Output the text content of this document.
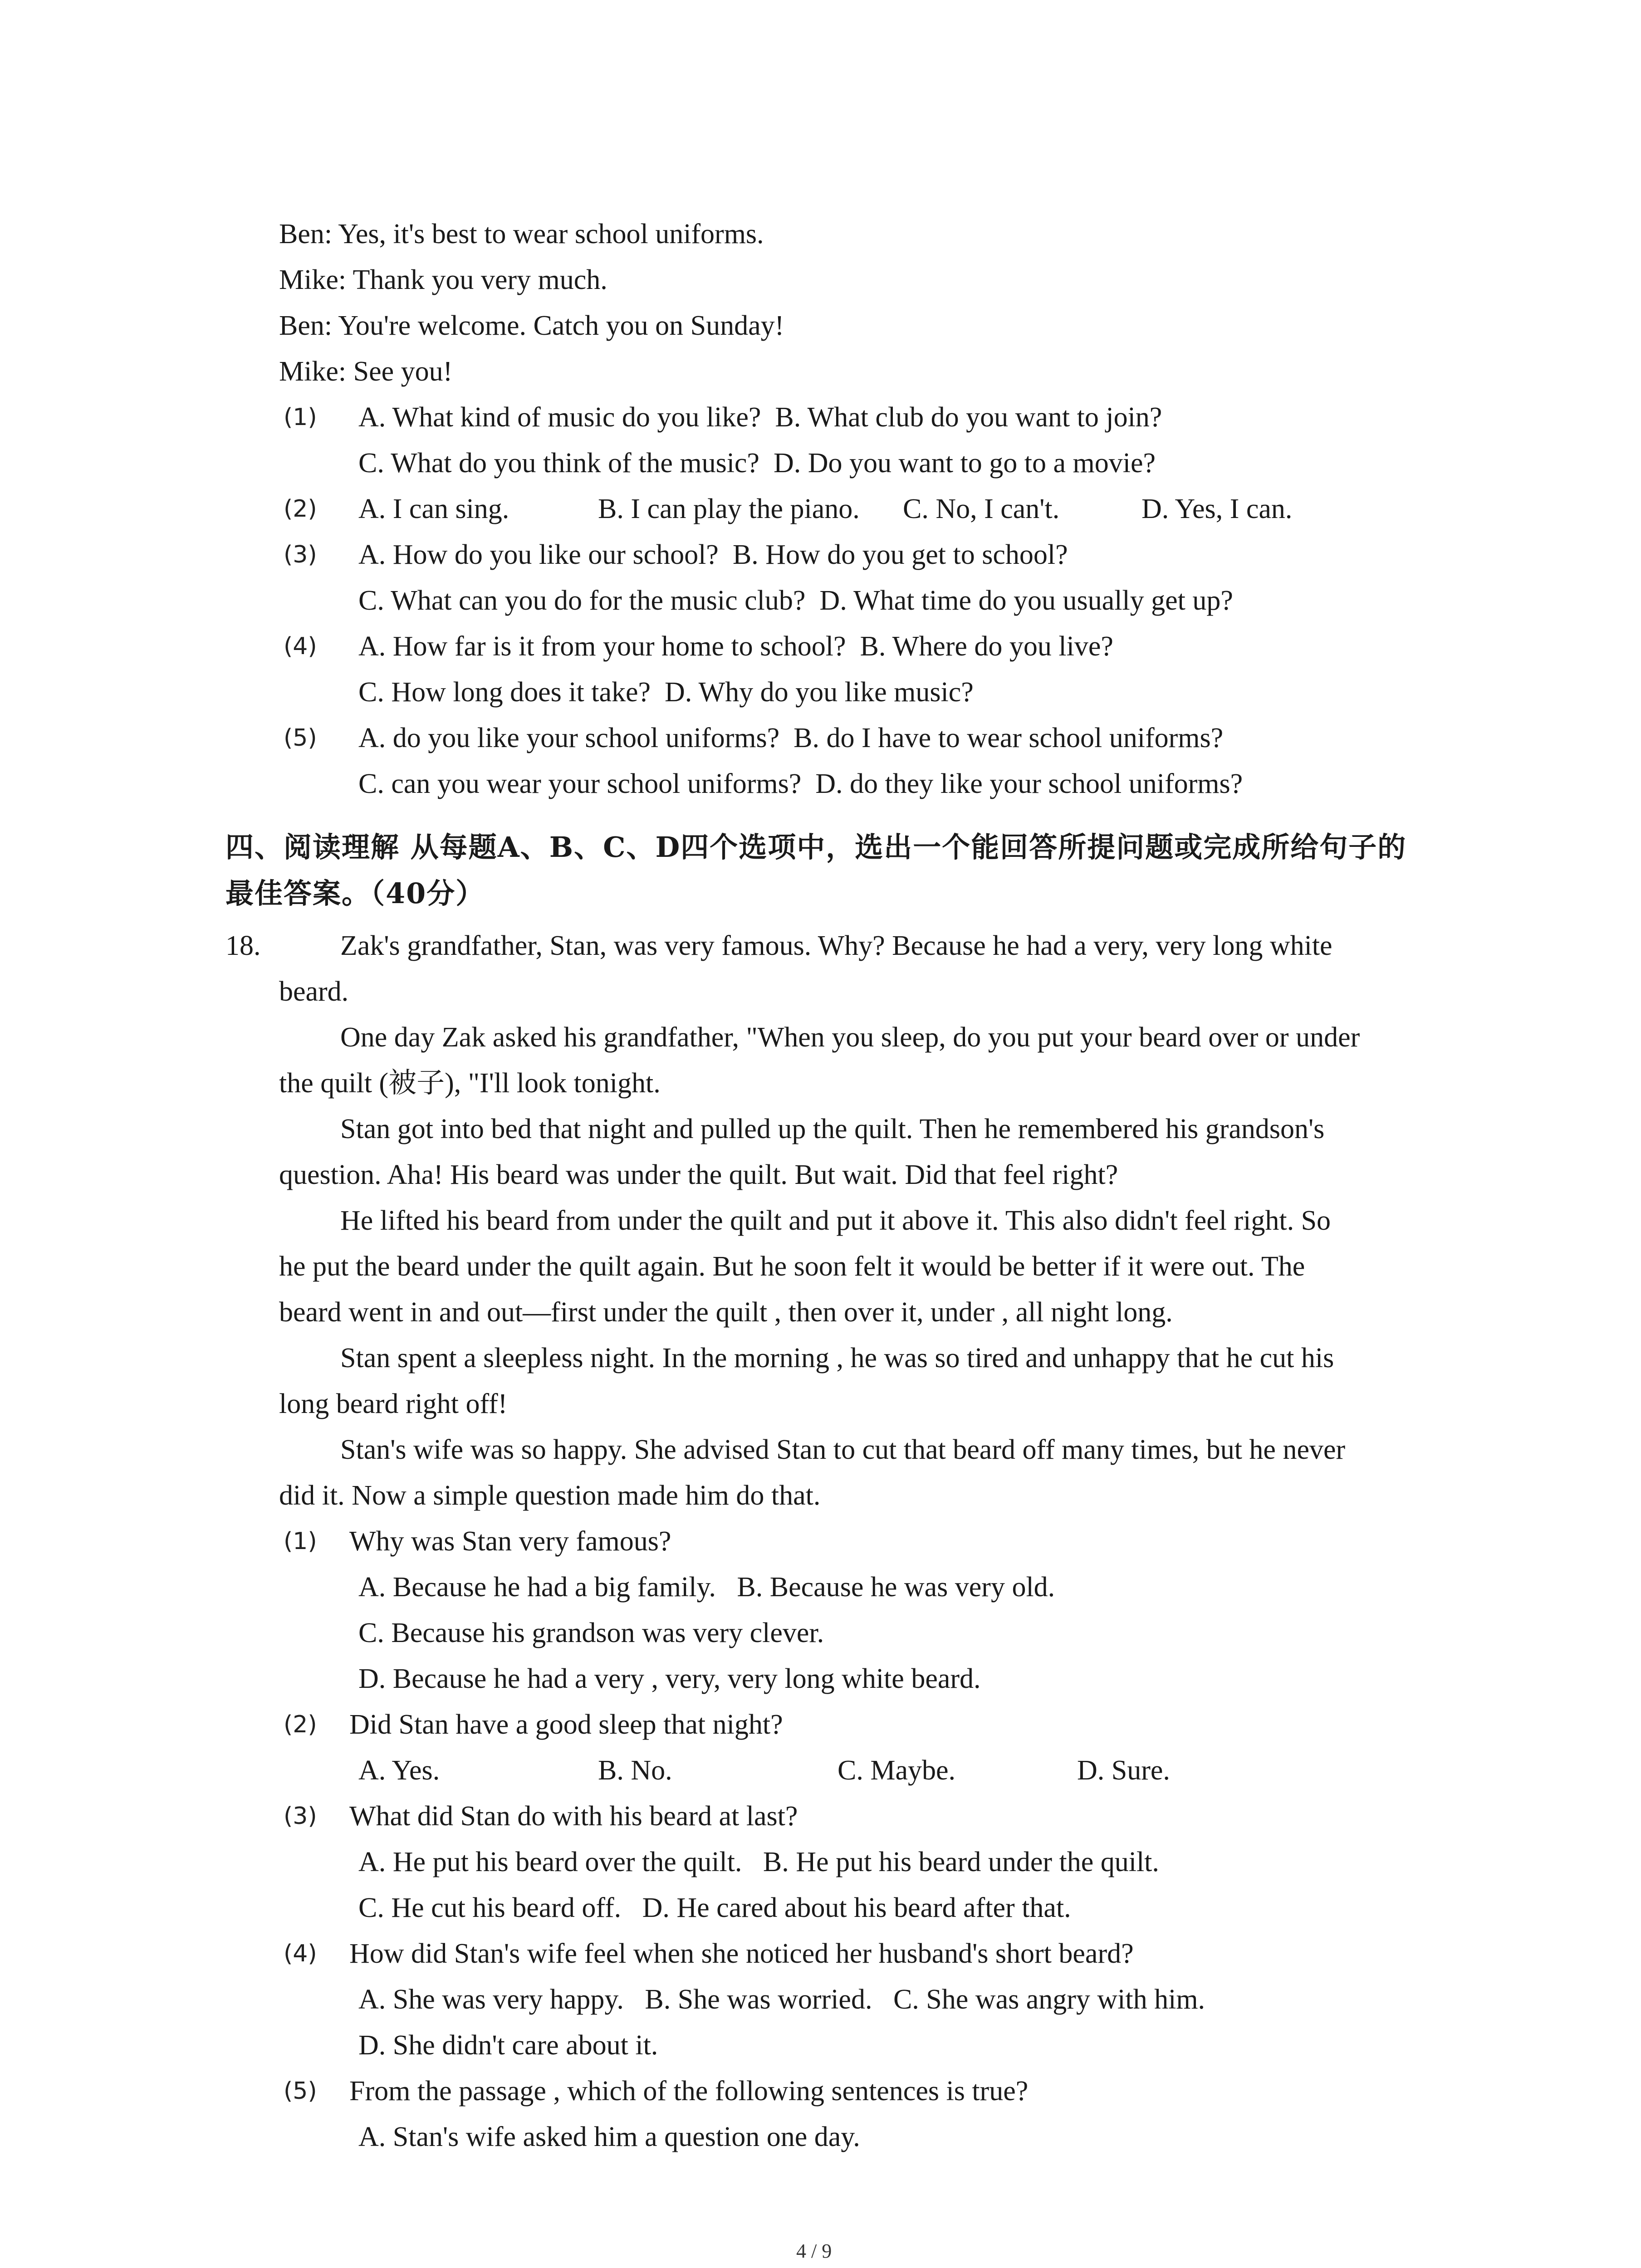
Ben: Yes, it's best to wear school uniforms.
Mike: Thank you very much.
Ben: You're welcome. Catch you on Sunday!
Mike: See you!
(1) A. What kind of music do you like?  B. What club do you want to join?
C. What do you think of the music?  D. Do you want to go to a movie?
(2) A. I can sing.	B. I can play the piano. C. No, I can't.	D. Yes, I can.
(3) A. How do you like our school?  B. How do you get to school?
C. What can you do for the music club?  D. What time do you usually get up?
(4) A. How far is it from your home to school?  B. Where do you live?
C. How long does it take?  D. Why do you like music?
(5) A. do you like your school uniforms?  B. do I have to wear school uniforms?
C. can you wear your school uniforms?  D. do they like your school uniforms?
四、阅读理解 从每题A、B、C、D四个选项中，选出一个能回答所提问题或完成所给句子的
最佳答案。（40分）
18.	Zak's grandfather, Stan, was very famous. Why? Because he had a very, very long white
beard.
One day Zak asked his grandfather, "When you sleep, do you put your beard over or under
the quilt (被子), "I'll look tonight.
Stan got into bed that night and pulled up the quilt. Then he remembered his grandson's
question. Aha! His beard was under the quilt. But wait. Did that feel right?
He lifted his beard from under the quilt and put it above it. This also didn't feel right. So
he put the beard under the quilt again. But he soon felt it would be better if it were out. The
beard went in and out—first under the quilt , then over it, under , all night long.
Stan spent a sleepless night. In the morning , he was so tired and unhappy that he cut his
long beard right off!
Stan's wife was so happy. She advised Stan to cut that beard off many times, but he never
did it. Now a simple question made him do that.
(1) Why was Stan very famous?
A. Because he had a big family.   B. Because he was very old.
C. Because his grandson was very clever.
D. Because he had a very , very, very long white beard.
(2) Did Stan have a good sleep that night?
A. Yes.	B. No.	C. Maybe.	D. Sure.
(3) What did Stan do with his beard at last?
A. He put his beard over the quilt.   B. He put his beard under the quilt.
C. He cut his beard off.   D. He cared about his beard after that.
(4) How did Stan's wife feel when she noticed her husband's short beard?
A. She was very happy.   B. She was worried.   C. She was angry with him.
D. She didn't care about it.
(5) From the passage , which of the following sentences is true?
A. Stan's wife asked him a question one day.
4 / 9
